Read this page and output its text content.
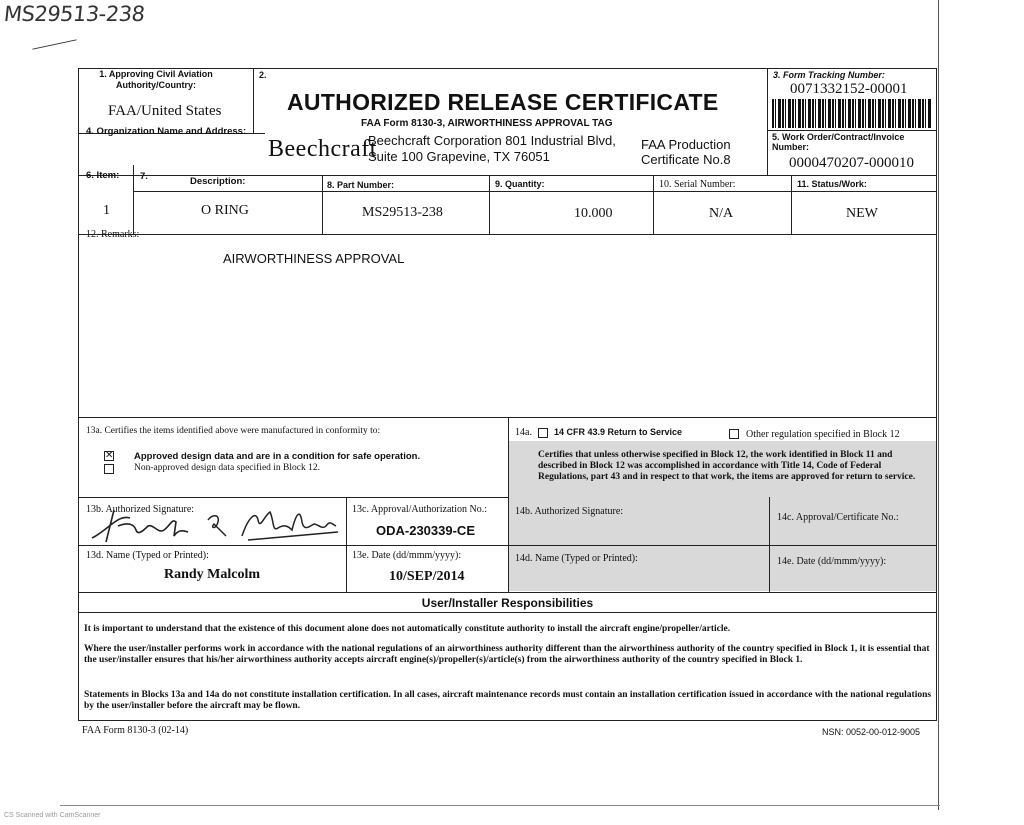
MS29513-238
1. Approving Civil Aviation Authority/Country:
FAA/United States
2.
AUTHORIZED RELEASE CERTIFICATE
FAA Form 8130-3, AIRWORTHINESS APPROVAL TAG
3. Form Tracking Number:
0071332152-00001
4. Organization Name and Address:
Beechcraft
Beechcraft Corporation 801 Industrial Blvd,
Suite 100 Grapevine, TX 76051
FAA Production
Certificate No.8
5. Work Order/Contract/Invoice
Number:
0000470207-000010
6. Item: 7.	Description:	8. Part Number:	9. Quantity:	10. Serial Number:	11. Status/Work:
1	O RING	MS29513-238	10.000	N/A	NEW
12. Remarks:
AIRWORTHINESS APPROVAL
13a. Certifies the items identified above were manufactured in conformity to:
✕ Approved design data and are in a condition for safe operation.
Non-approved design data specified in Block 12.
14a. 14 CFR 43.9 Return to Service	Other regulation specified in Block 12
Certifies that unless otherwise specified in Block 12, the work identified in Block 11 and described in Block 12 was accomplished in accordance with Title 14, Code of Federal Regulations, part 43 and in respect to that work, the items are approved for return to service.
13b. Authorized Signature:	13c. Approval/Authorization No.:
ODA-230339-CE
14b. Authorized Signature:
14c. Approval/Certificate No.:
13d. Name (Typed or Printed):
Randy Malcolm
13e. Date (dd/mmm/yyyy):
10/SEP/2014
14d. Name (Typed or Printed):	14e. Date (dd/mmm/yyyy):
User/Installer Responsibilities
It is important to understand that the existence of this document alone does not automatically constitute authority to install the aircraft engine/propeller/article.
Where the user/installer performs work in accordance with the national regulations of an airworthiness authority different than the airworthiness authority of the country specified in Block 1, it is essential that the user/installer ensures that his/her airworthiness authority accepts aircraft engine(s)/propeller(s)/article(s) from the airworthiness authority of the country specified in Block 1.
Statements in Blocks 13a and 14a do not constitute installation certification. In all cases, aircraft maintenance records must contain an installation certification issued in accordance with the national regulations by the user/installer before the aircraft may be flown.
FAA Form 8130-3 (02-14)	NSN: 0052-00-012-9005
CS Scanned with CamScanner
